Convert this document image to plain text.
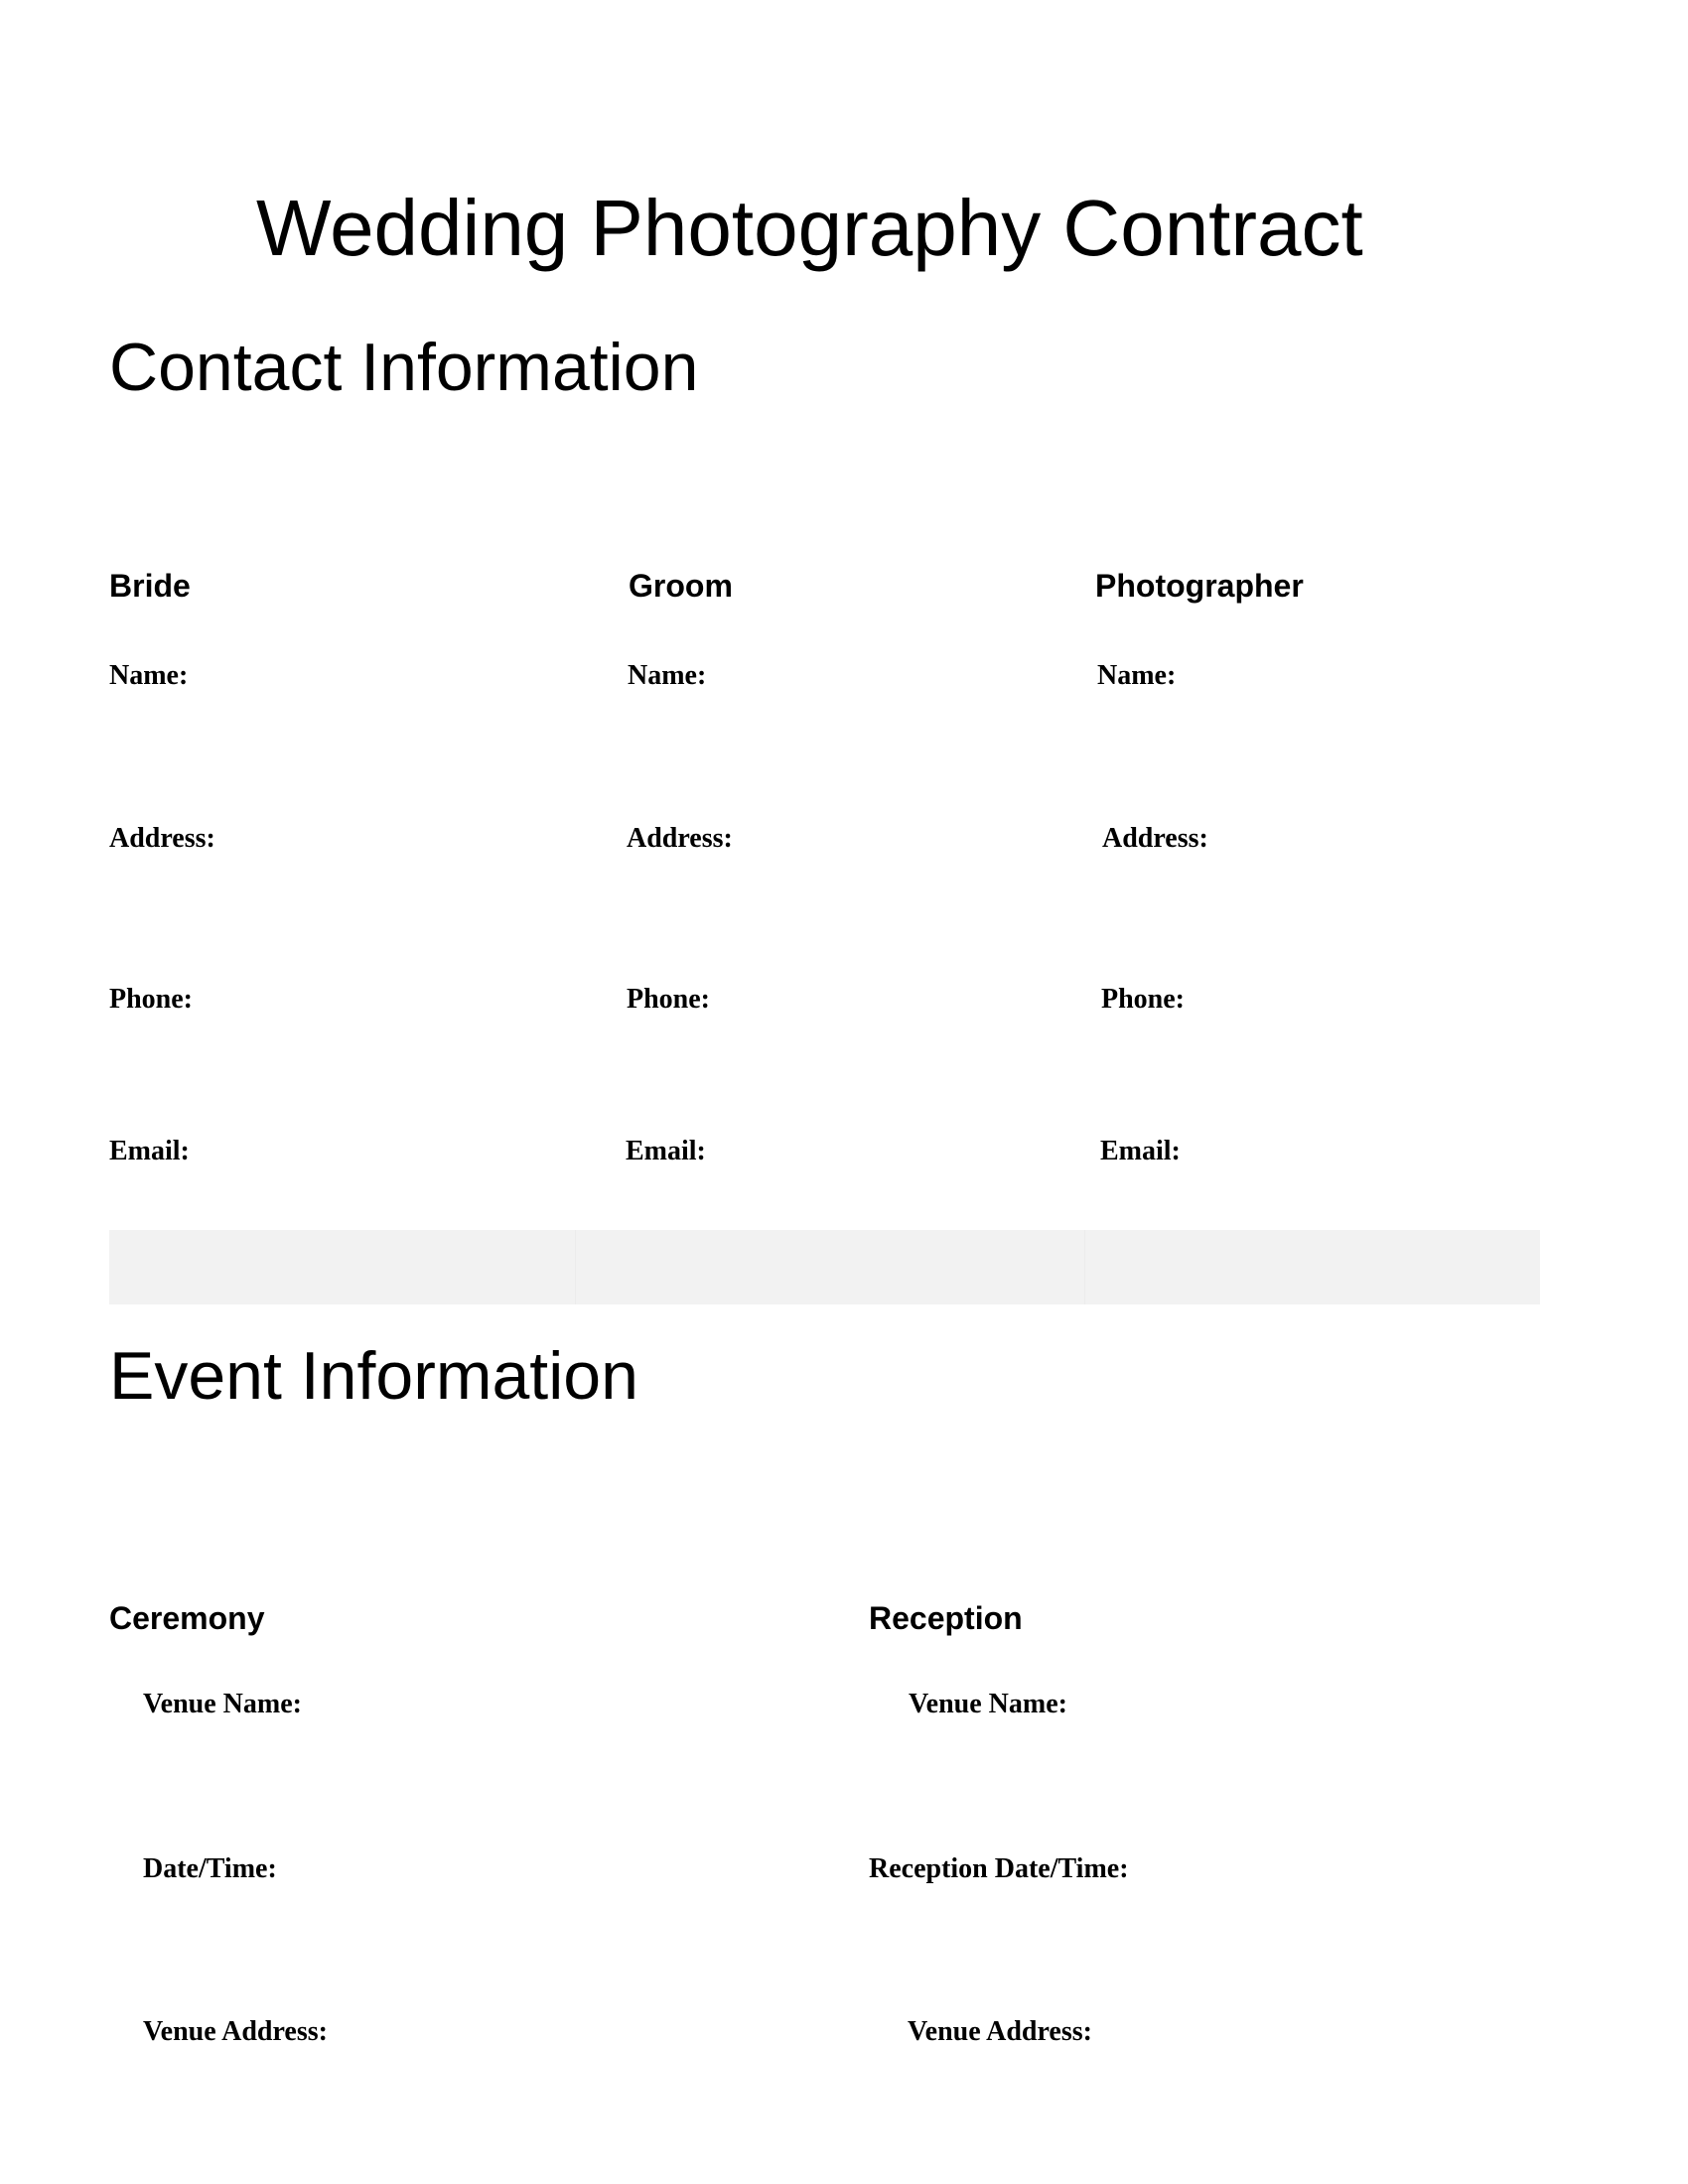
Wedding Photography Contract
Contact Information
Bride
Name:
Address:
Phone:
Email:
Groom
Name:
Address:
Phone:
Email:
Photographer
Name:
Address:
Phone:
Email:
Event Information
Ceremony
Venue Name:
Date/Time:
Venue Address:
Reception
Venue Name:
Reception Date/Time:
Venue Address:
